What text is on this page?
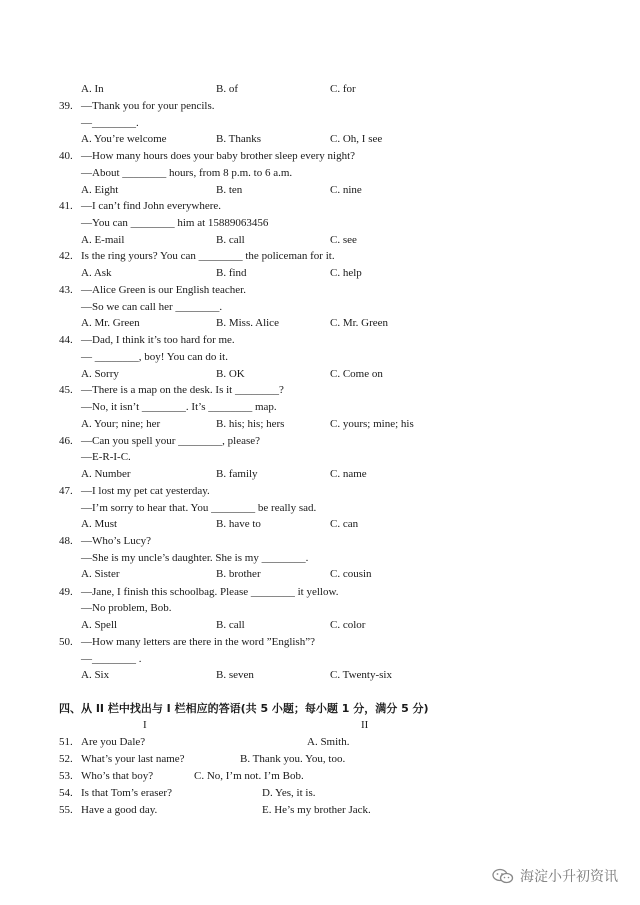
A. In	B. of	C. for
39. —Thank you for your pencils.
—________.
A. You’re welcome	B. Thanks	C. Oh, I see
40. —How many hours does your baby brother sleep every night?
—About ________ hours, from 8 p.m. to 6 a.m.
A. Eight	B. ten	C. nine
41. —I can’t find John everywhere.
—You can ________ him at 15889063456
A. E-mail	B. call	C. see
42. Is the ring yours? You can ________ the policeman for it.
A. Ask	B. find	C. help
43. —Alice Green is our English teacher.
—So we can call her ________.
A. Mr. Green	B. Miss. Alice	C. Mr. Green
44. —Dad, I think it’s too hard for me.
— ________, boy! You can do it.
A. Sorry	B. OK	C. Come on
45. —There is a map on the desk. Is it ________?
—No, it isn’t ________. It’s ________ map.
A. Your; nine; her	B. his; his; hers	C. yours; mine; his
46. —Can you spell your ________, please?
—E-R-I-C.
A. Number	B. family	C. name
47. —I lost my pet cat yesterday.
—I’m sorry to hear that. You ________ be really sad.
A. Must	B. have to	C. can
48. —Who’s Lucy?
—She is my uncle’s daughter. She is my ________.
A. Sister	B. brother	C. cousin
49. —Jane, I finish this schoolbag. Please ________ it yellow.
—No problem, Bob.
A. Spell	B. call	C. color
50. —How many letters are there in the word ”English”?
—________ .
A. Six	B. seven	C. Twenty-six
四、从 II 栏中找出与 I 栏相应的答语(共 5 小题；每小题 1 分，满分 5 分)
I	II
51. Are you Dale?	A. Smith.
52. What’s your last name?	B. Thank you. You, too.
53. Who’s that boy?	C. No, I’m not. I’m Bob.
54. Is that Tom’s eraser?	D. Yes, it is.
55. Have a good day.	E. He’s my brother Jack.
海淀小升初资讯
